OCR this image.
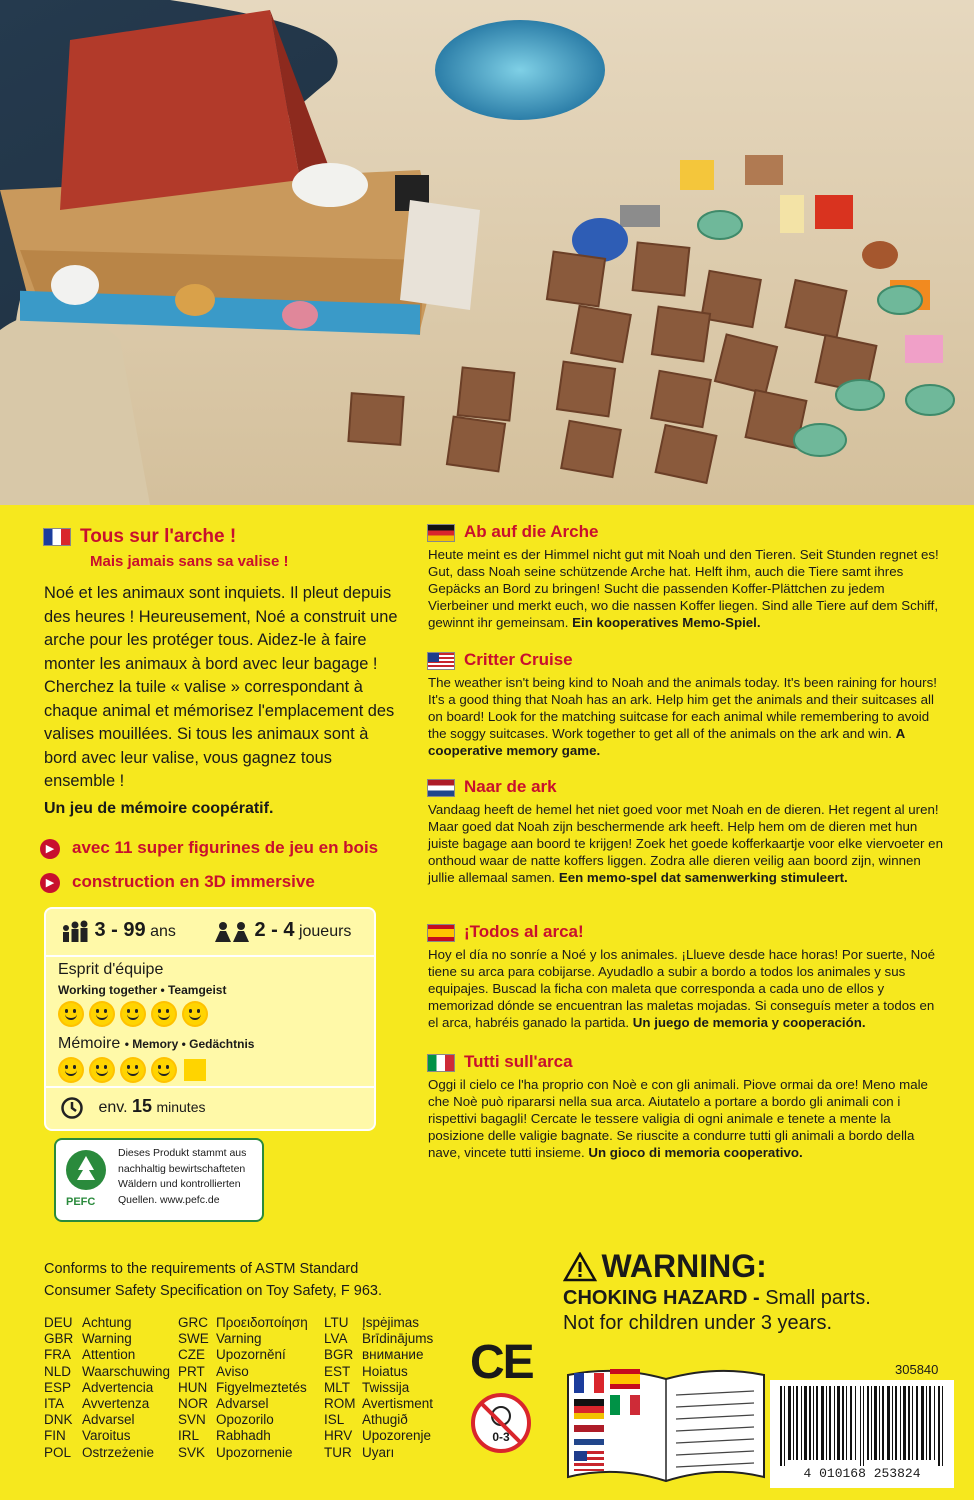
Tous sur l'arche !
Mais jamais sans sa valise !
Noé et les animaux sont inquiets. Il pleut depuis des heures ! Heureusement, Noé a construit une arche pour les protéger tous. Aidez-le à faire monter les animaux à bord avec leur bagage ! Cherchez la tuile « valise » correspondant à chaque animal et mémorisez l'emplacement des valises mouillées. Si tous les animaux sont à bord avec leur valise, vous gagnez tous ensemble !
Un jeu de mémoire coopératif.
▶ avec 11 super figurines de jeu en bois
▶ construction en 3D immersive
3 - 99 ans	2 - 4 joueurs
Esprit d'équipe
Working together • Teamgeist
Mémoire • Memory • Gedächtnis
env. 15 minutes
PEFC
Dieses Produkt stammt aus nachhaltig bewirtschafteten Wäldern und kontrollierten Quellen. www.pefc.de
Ab auf die Arche
Heute meint es der Himmel nicht gut mit Noah und den Tieren. Seit Stunden regnet es! Gut, dass Noah seine schützende Arche hat. Helft ihm, auch die Tiere samt ihres Gepäcks an Bord zu bringen! Sucht die passenden Koffer-Plättchen zu jedem Vierbeiner und merkt euch, wo die nassen Koffer liegen. Sind alle Tiere auf dem Schiff, gewinnt ihr gemeinsam. Ein kooperatives Memo-Spiel.
Critter Cruise
The weather isn't being kind to Noah and the animals today. It's been raining for hours! It's a good thing that Noah has an ark. Help him get the animals and their suitcases all on board! Look for the matching suitcase for each animal while remembering to avoid the soggy suitcases. Work together to get all of the animals on the ark and win. A cooperative memory game.
Naar de ark
Vandaag heeft de hemel het niet goed voor met Noah en de dieren. Het regent al uren! Maar goed dat Noah zijn beschermende ark heeft. Help hem om de dieren met hun juiste bagage aan boord te krijgen! Zoek het goede kofferkaartje voor elke viervoeter en onthoud waar de natte koffers liggen. Zodra alle dieren veilig aan boord zijn, winnen jullie allemaal samen. Een memo-spel dat samenwerking stimuleert.
¡Todos al arca!
Hoy el día no sonríe a Noé y los animales. ¡Llueve desde hace horas! Por suerte, Noé tiene su arca para cobijarse. Ayudadlo a subir a bordo a todos los animales y sus equipajes. Buscad la ficha con maleta que corresponda a cada uno de ellos y memorizad dónde se encuentran las maletas mojadas. Si conseguís meter a todos en el arca, habréis ganado la partida. Un juego de memoria y cooperación.
Tutti sull'arca
Oggi il cielo ce l'ha proprio con Noè e con gli animali. Piove ormai da ore! Meno male che Noè può ripararsi nella sua arca. Aiutatelo a portare a bordo gli animali con i rispettivi bagagli! Cercate le tessere valigia di ogni animale e tenete a mente la posizione delle valigie bagnate. Se riuscite a condurre tutti gli animali a bordo della nave, vincete tutti insieme. Un gioco di memoria cooperativo.
Conforms to the requirements of ASTM Standard Consumer Safety Specification on Toy Safety, F 963.
DEU Achtung
GBR Warning
FRA Attention
NLD Waarschuwing
ESP Advertencia
ITA Avvertenza
DNK Advarsel
FIN Varoitus
POL Ostrzeżenie
GRC Προειδοποίηση
SWE Varning
CZE Upozornění
PRT Aviso
HUN Figyelmeztetés
NOR Advarsel
SVN Opozorilo
IRL Rabhadh
SVK Upozornenie
LTU Įspėjimas
LVA Brīdinājums
BGR внимание
EST Hoiatus
MLT Twissija
ROM Avertisment
ISL Athugið
HRV Upozorenje
TUR Uyarı
CE
0-3
WARNING:
CHOKING HAZARD - Small parts.
Not for children under 3 years.
305840
4 010168 253824
